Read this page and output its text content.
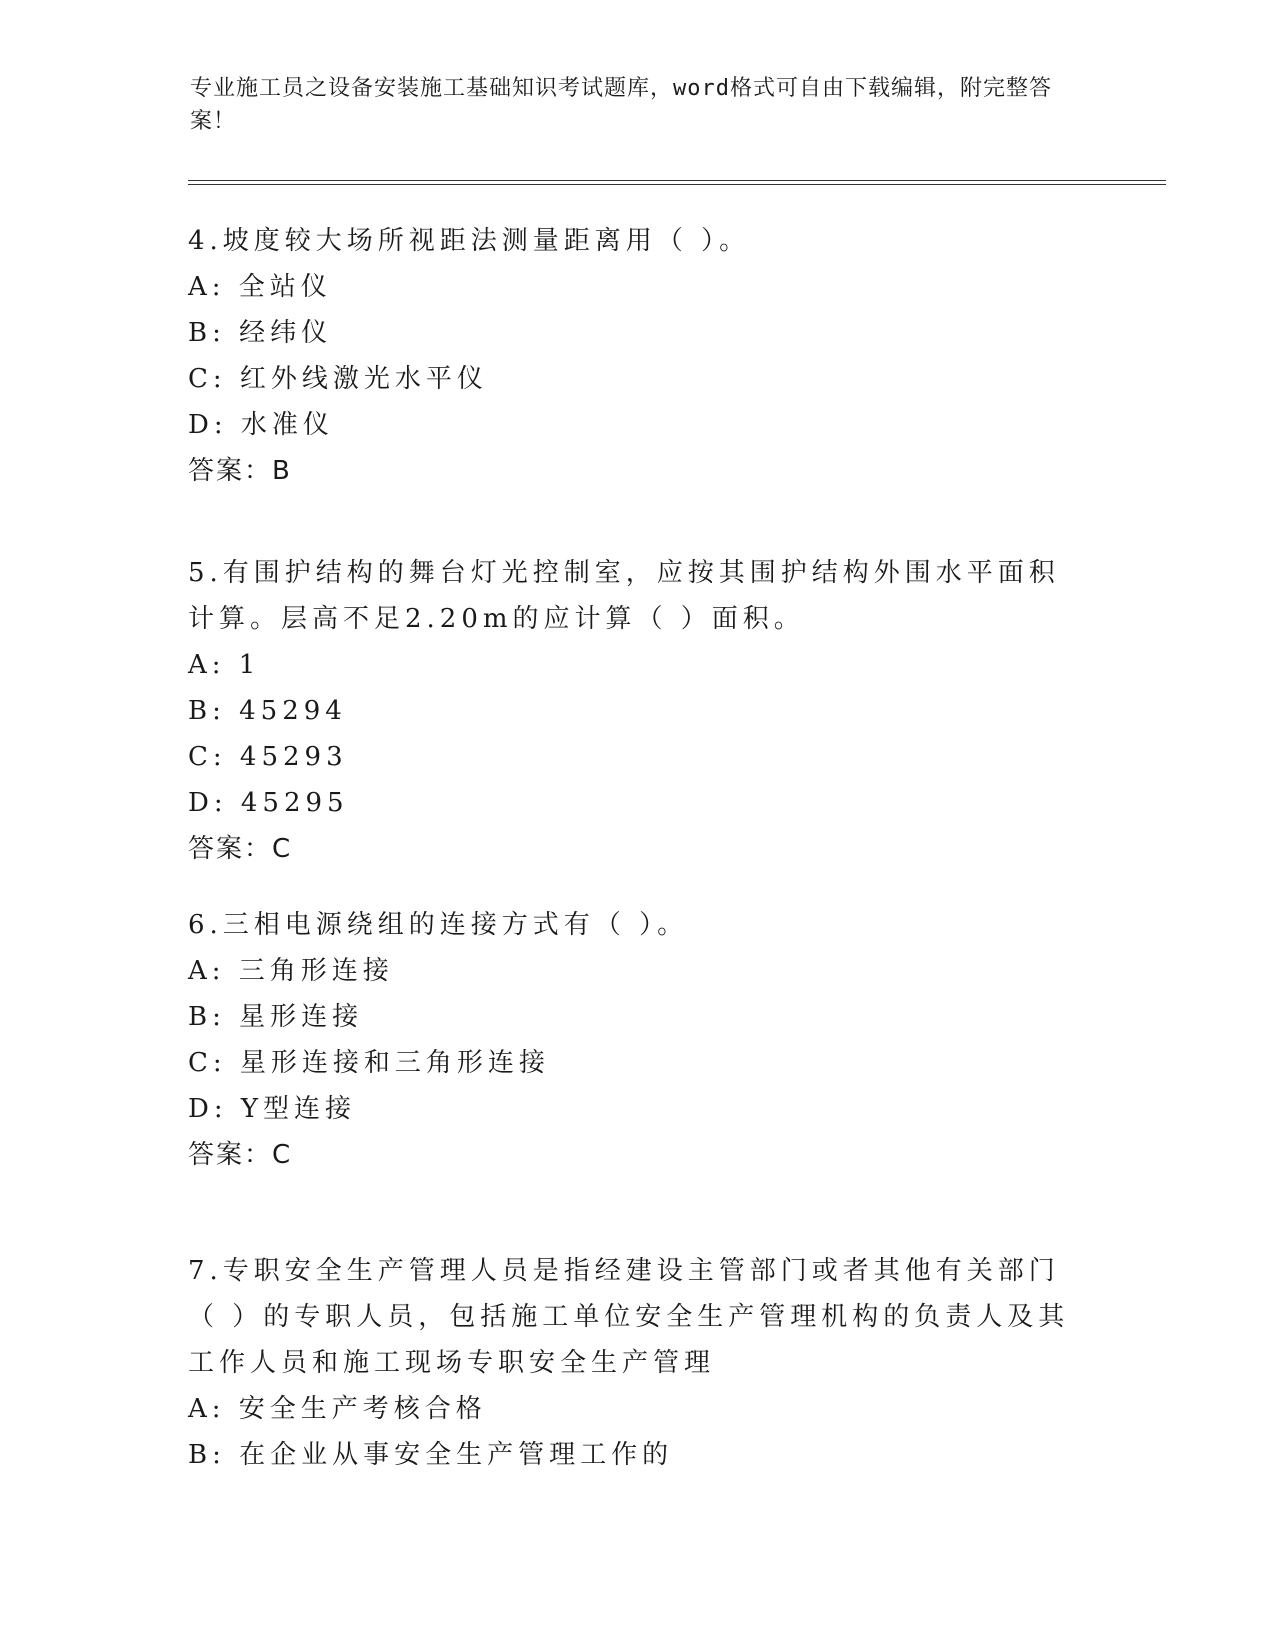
专业施工员之设备安装施工基础知识考试题库，word格式可自由下载编辑，附完整答案！

4.坡度较大场所视距法测量距离用（ ）。

A: 全站仪

B: 经纬仪

C: 红外线激光水平仪

D: 水准仪

答案：B

5.有围护结构的舞台灯光控制室，应按其围护结构外围水平面积计算。层高不足2.20m的应计算（ ）面积。

A: 1

B: 45294

C: 45293

D: 45295

答案：C

6.三相电源绕组的连接方式有（ ）。

A: 三角形连接

B: 星形连接

C: 星形连接和三角形连接

D: Y型连接

答案：C

7.专职安全生产管理人员是指经建设主管部门或者其他有关部门（ ）的专职人员，包括施工单位安全生产管理机构的负责人及其工作人员和施工现场专职安全生产管理

A: 安全生产考核合格

B: 在企业从事安全生产管理工作的
